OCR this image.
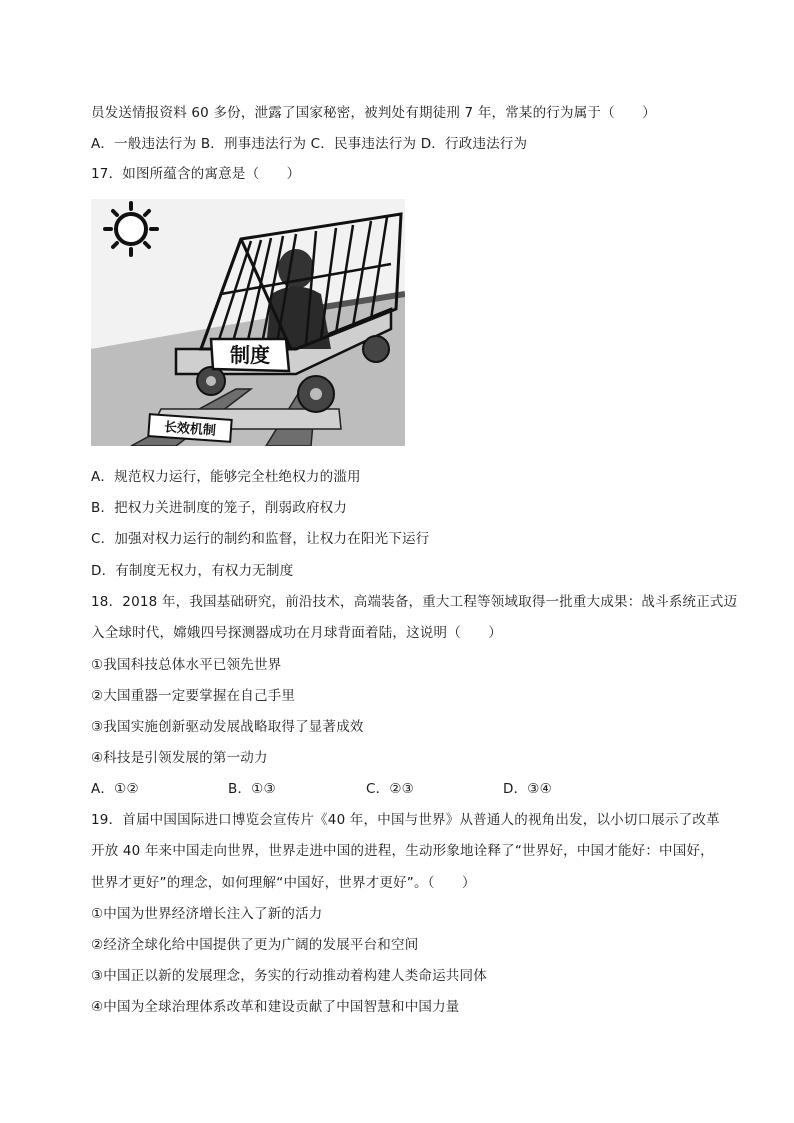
员发送情报资料 60 多份，泄露了国家秘密，被判处有期徒刑 7 年，常某的行为属于（　　）
A．一般违法行为 B．刑事违法行为 C．民事违法行为 D．行政违法行为
17．如图所蕴含的寓意是（　　）
长效机制
制度
A．规范权力运行，能够完全杜绝权力的滥用
B．把权力关进制度的笼子，削弱政府权力
C．加强对权力运行的制约和监督，让权力在阳光下运行
D．有制度无权力，有权力无制度
18．2018 年，我国基础研究，前沿技术，高端装备，重大工程等领域取得一批重大成果：战斗系统正式迈
入全球时代，嫦娥四号探测器成功在月球背面着陆，这说明（　　）
①我国科技总体水平已领先世界
②大国重器一定要掌握在自己手里
③我国实施创新驱动发展战略取得了显著成效
④科技是引领发展的第一动力
A．①②	B．①③	C．②③	D．③④
19．首届中国国际进口博览会宣传片《40 年，中国与世界》从普通人的视角出发，以小切口展示了改革
开放 40 年来中国走向世界，世界走进中国的进程，生动形象地诠释了“世界好，中国才能好：中国好，
世界才更好”的理念，如何理解“中国好，世界才更好”。（　　）
①中国为世界经济增长注入了新的活力
②经济全球化给中国提供了更为广阔的发展平台和空间
③中国正以新的发展理念，务实的行动推动着构建人类命运共同体
④中国为全球治理体系改革和建设贡献了中国智慧和中国力量
